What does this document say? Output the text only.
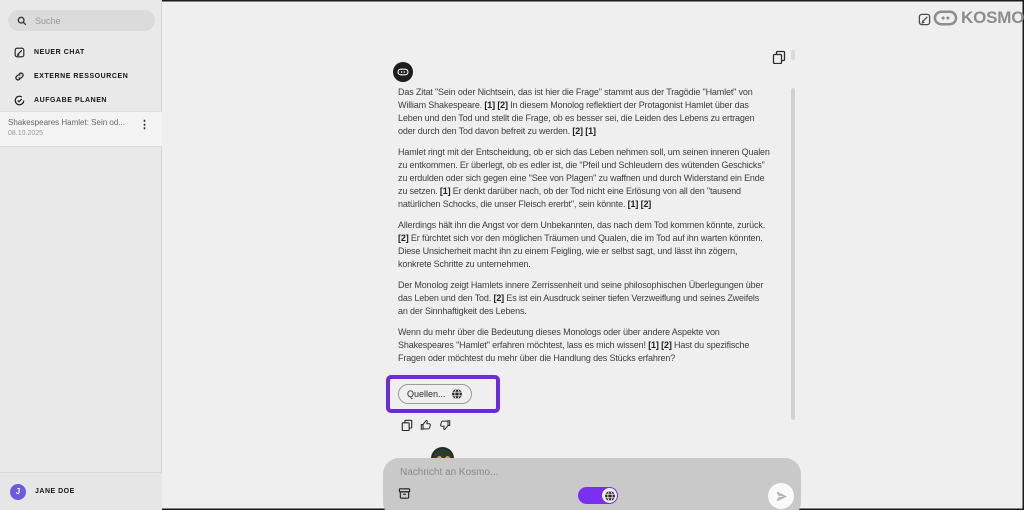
Suche
NEUER CHAT
EXTERNE RESSOURCEN
AUFGABE PLANEN
Shakespeares Hamlet: Sein od...
08.10.2025
⋮
J	JANE DOE
KOSMO

Das Zitat "Sein oder Nichtsein, das ist hier die Frage" stammt aus der Tragödie "Hamlet" von William Shakespeare. [1] [2] In diesem Monolog reflektiert der Protagonist Hamlet über das Leben und den Tod und stellt die Frage, ob es besser sei, die Leiden des Lebens zu ertragen oder durch den Tod davon befreit zu werden. [2] [1]

Hamlet ringt mit der Entscheidung, ob er sich das Leben nehmen soll, um seinen inneren Qualen zu entkommen. Er überlegt, ob es edler ist, die "Pfeil und Schleudern des wütenden Geschicks" zu erdulden oder sich gegen eine "See von Plagen" zu waffnen und durch Widerstand ein Ende zu setzen. [1] Er denkt darüber nach, ob der Tod nicht eine Erlösung von all den "tausend natürlichen Schocks, die unser Fleisch ererbt", sein könnte. [1] [2]

Allerdings hält ihn die Angst vor dem Unbekannten, das nach dem Tod kommen könnte, zurück. [2] Er fürchtet sich vor den möglichen Träumen und Qualen, die im Tod auf ihn warten könnten. Diese Unsicherheit macht ihn zu einem Feigling, wie er selbst sagt, und lässt ihn zögern, konkrete Schritte zu unternehmen.

Der Monolog zeigt Hamlets innere Zerrissenheit und seine philosophischen Überlegungen über das Leben und den Tod. [2] Es ist ein Ausdruck seiner tiefen Verzweiflung und seines Zweifels an der Sinnhaftigkeit des Lebens.

Wenn du mehr über die Bedeutung dieses Monologs oder über andere Aspekte von Shakespeares "Hamlet" erfahren möchtest, lass es mich wissen! [1] [2] Hast du spezifische Fragen oder möchtest du mehr über die Handlung des Stücks erfahren?

Quellen...
Nachricht an Kosmo...
